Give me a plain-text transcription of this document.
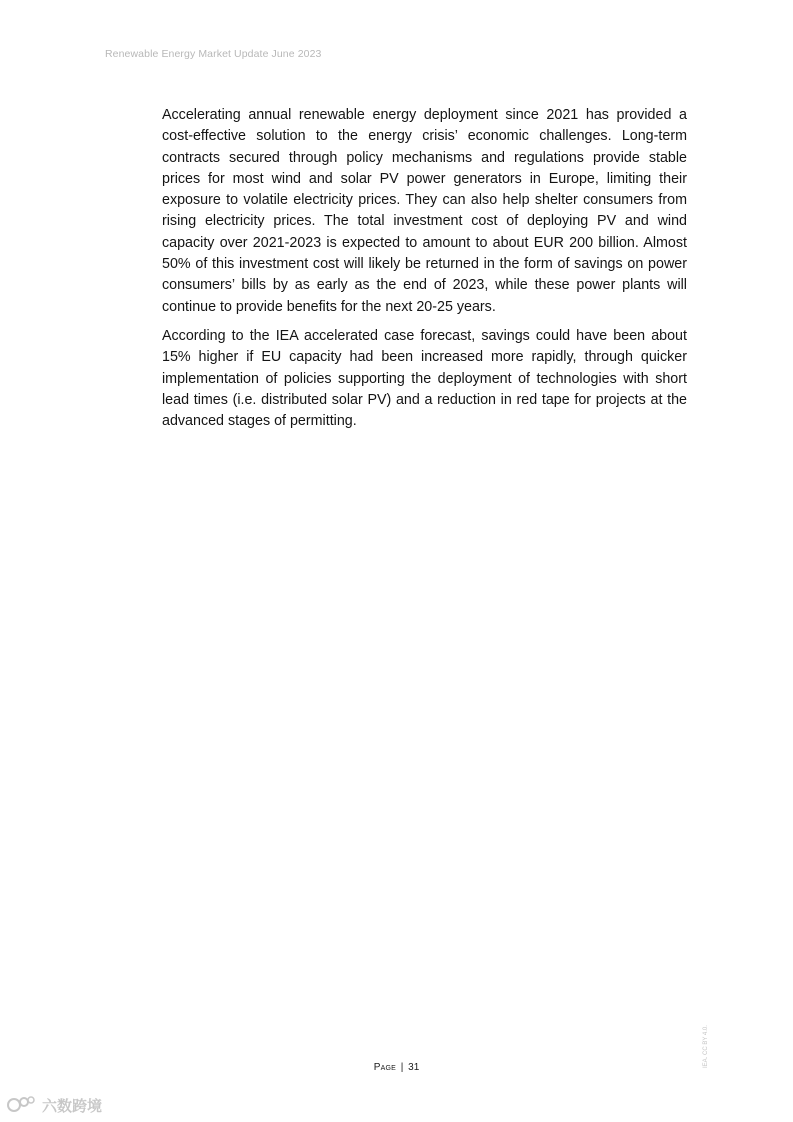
Renewable Energy Market Update June 2023

Accelerating annual renewable energy deployment since 2021 has provided a cost-effective solution to the energy crisis’ economic challenges. Long-term contracts secured through policy mechanisms and regulations provide stable prices for most wind and solar PV power generators in Europe, limiting their exposure to volatile electricity prices. They can also help shelter consumers from rising electricity prices. The total investment cost of deploying PV and wind capacity over 2021-2023 is expected to amount to about EUR 200 billion. Almost 50% of this investment cost will likely be returned in the form of savings on power consumers’ bills by as early as the end of 2023, while these power plants will continue to provide benefits for the next 20-25 years.

According to the IEA accelerated case forecast, savings could have been about 15% higher if EU capacity had been increased more rapidly, through quicker implementation of policies supporting the deployment of technologies with short lead times (i.e. distributed solar PV) and a reduction in red tape for projects at the advanced stages of permitting.

Page | 31	IEA. CC BY 4.0.
六数跨境
